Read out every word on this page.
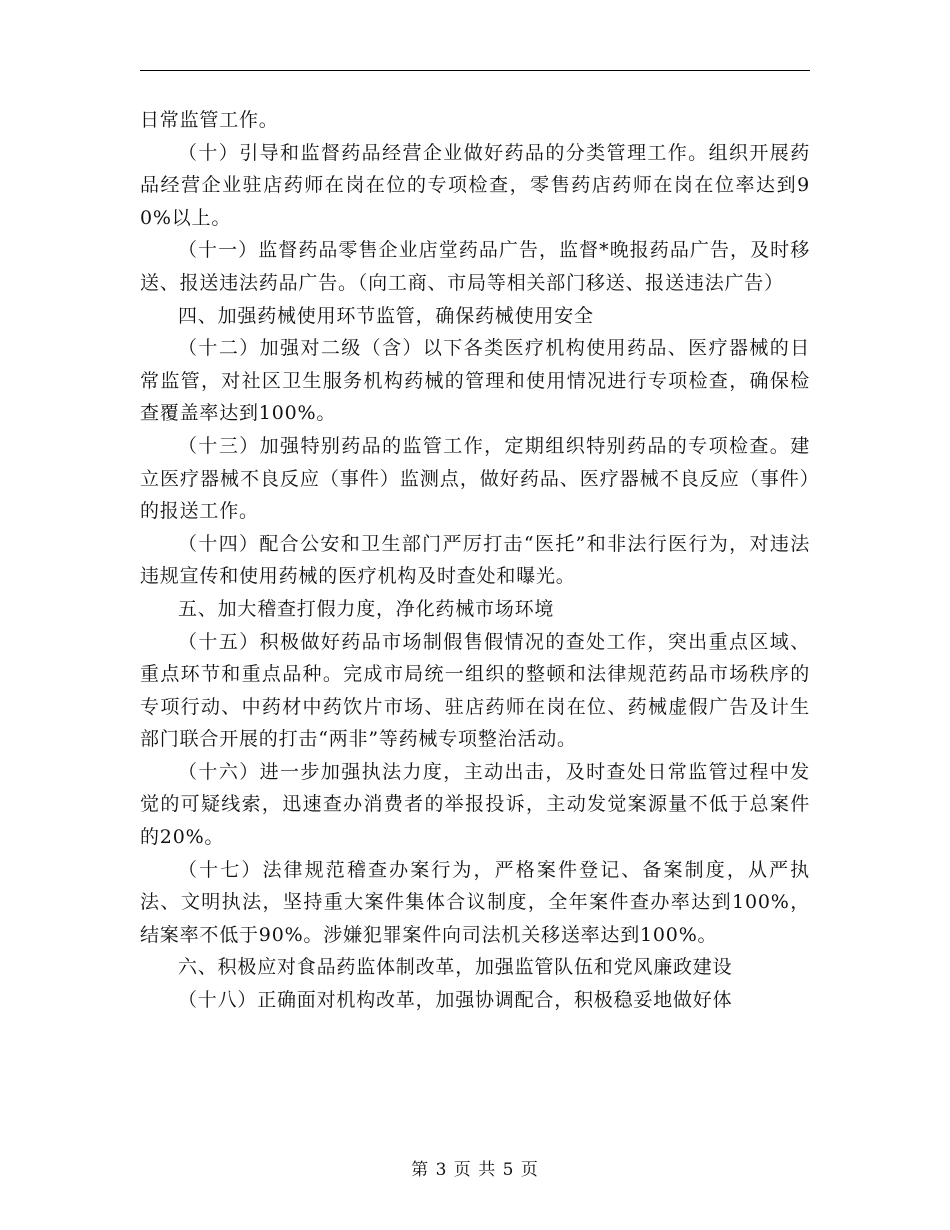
日常监管工作。

（十）引导和监督药品经营企业做好药品的分类管理工作。组织开展药品经营企业驻店药师在岗在位的专项检查，零售药店药师在岗在位率达到90%以上。

（十一）监督药品零售企业店堂药品广告，监督*晚报药品广告，及时移送、报送违法药品广告。（向工商、市局等相关部门移送、报送违法广告）

四、加强药械使用环节监管，确保药械使用安全

（十二）加强对二级（含）以下各类医疗机构使用药品、医疗器械的日常监管，对社区卫生服务机构药械的管理和使用情况进行专项检查，确保检查覆盖率达到100%。

（十三）加强特别药品的监管工作，定期组织特别药品的专项检查。建立医疗器械不良反应（事件）监测点，做好药品、医疗器械不良反应（事件）的报送工作。

（十四）配合公安和卫生部门严厉打击“医托”和非法行医行为，对违法违规宣传和使用药械的医疗机构及时查处和曝光。

五、加大稽查打假力度，净化药械市场环境

（十五）积极做好药品市场制假售假情况的查处工作，突出重点区域、重点环节和重点品种。完成市局统一组织的整顿和法律规范药品市场秩序的专项行动、中药材中药饮片市场、驻店药师在岗在位、药械虚假广告及计生部门联合开展的打击“两非”等药械专项整治活动。

（十六）进一步加强执法力度，主动出击，及时查处日常监管过程中发觉的可疑线索，迅速查办消费者的举报投诉，主动发觉案源量不低于总案件的20%。

（十七）法律规范稽查办案行为，严格案件登记、备案制度，从严执法、文明执法，坚持重大案件集体合议制度，全年案件查办率达到100%，结案率不低于90%。涉嫌犯罪案件向司法机关移送率达到100%。

六、积极应对食品药监体制改革，加强监管队伍和党风廉政建设

（十八）正确面对机构改革，加强协调配合，积极稳妥地做好体

第 3 页 共 5 页
